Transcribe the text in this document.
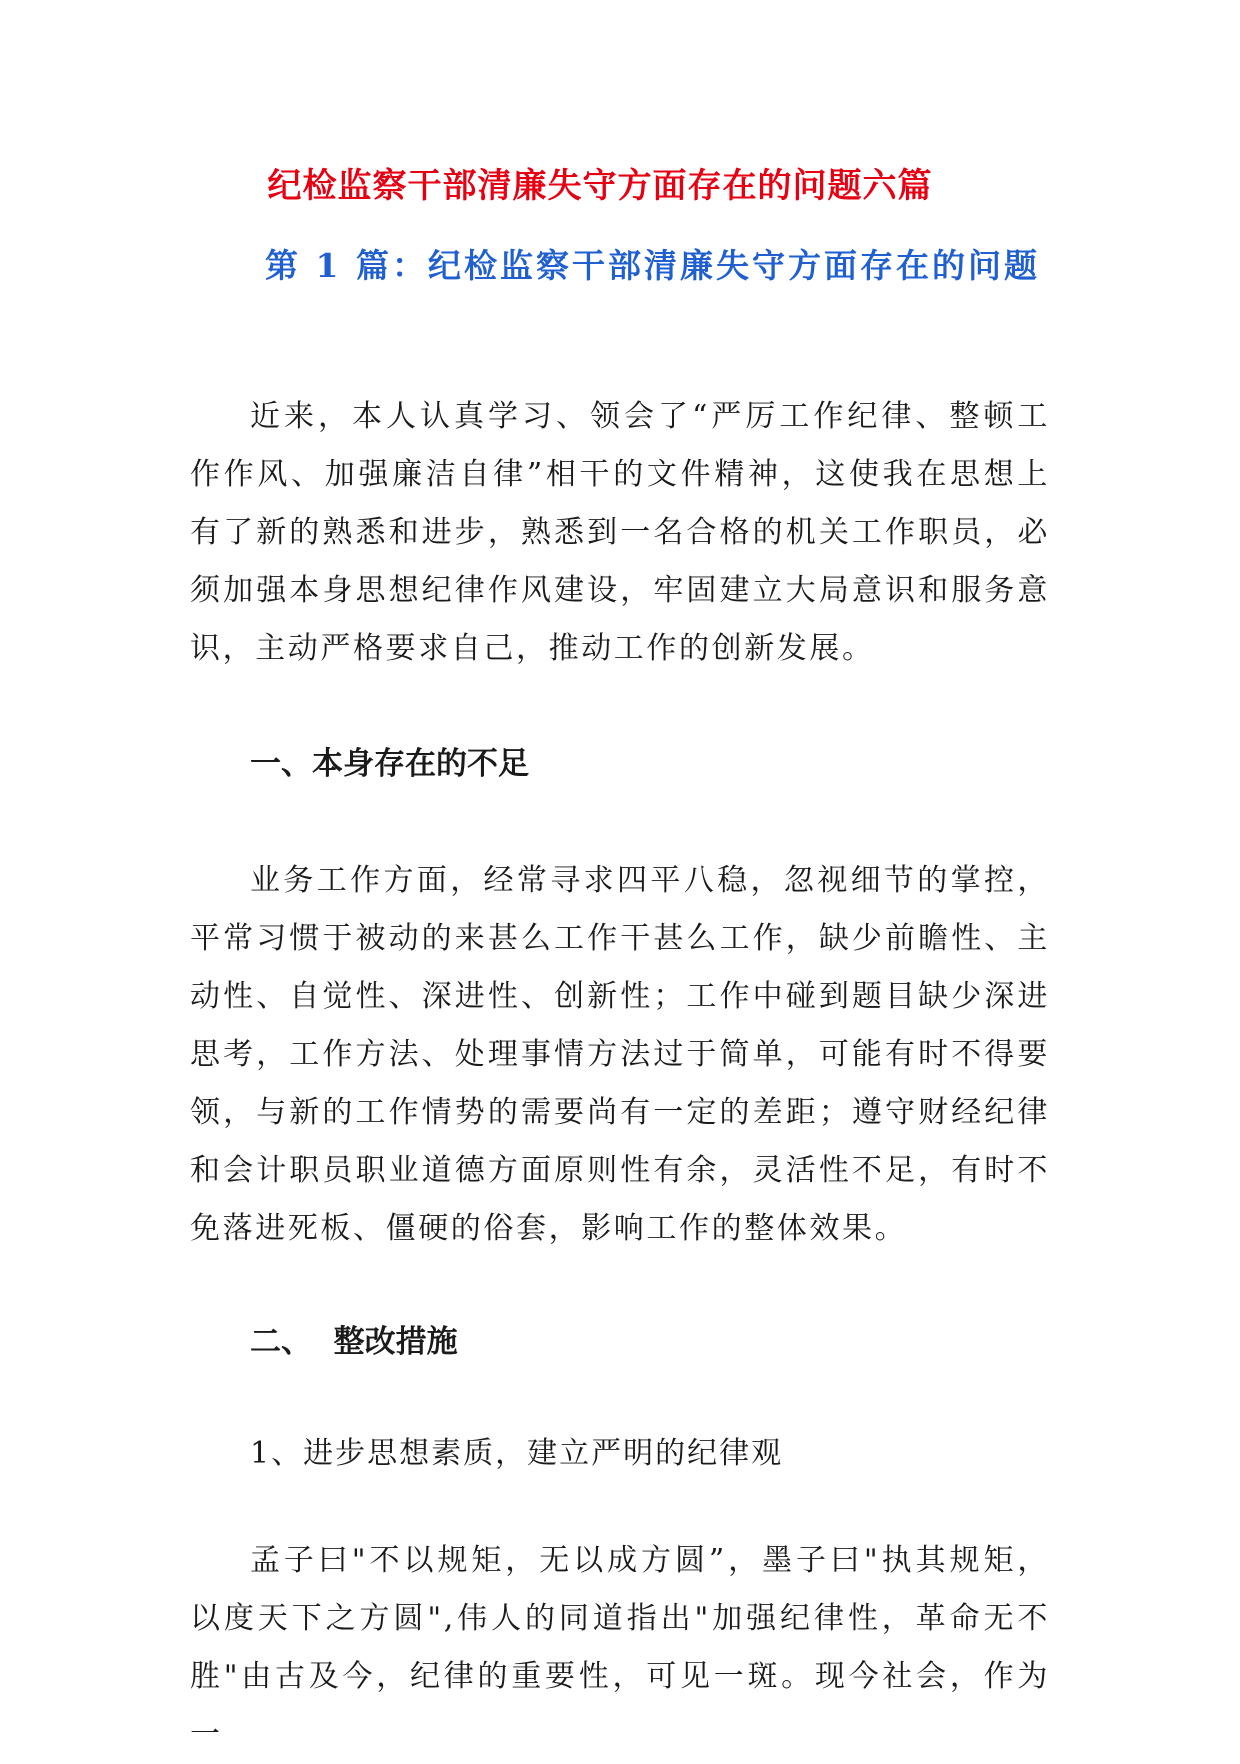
纪检监察干部清廉失守方面存在的问题六篇
第 1 篇：纪检监察干部清廉失守方面存在的问题

近来，本人认真学习、领会了“严厉工作纪律、整顿工作作风、加强廉洁自律”相干的文件精神，这使我在思想上有了新的熟悉和进步，熟悉到一名合格的机关工作职员，必须加强本身思想纪律作风建设，牢固建立大局意识和服务意识，主动严格要求自己，推动工作的创新发展。

一、本身存在的不足

业务工作方面，经常寻求四平八稳，忽视细节的掌控，平常习惯于被动的来甚么工作干甚么工作，缺少前瞻性、主动性、自觉性、深进性、创新性；工作中碰到题目缺少深进思考，工作方法、处理事情方法过于简单，可能有时不得要领，与新的工作情势的需要尚有一定的差距；遵守财经纪律和会计职员职业道德方面原则性有余，灵活性不足，有时不免落进死板、僵硬的俗套，影响工作的整体效果。

二、  整改措施

1、进步思想素质，建立严明的纪律观

孟子曰"不以规矩，无以成方圆”，墨子曰"执其规矩，以度天下之方圆",伟人的同道指出"加强纪律性，革命无不胜"由古及今，纪律的重要性，可见一斑。现今社会，作为一
